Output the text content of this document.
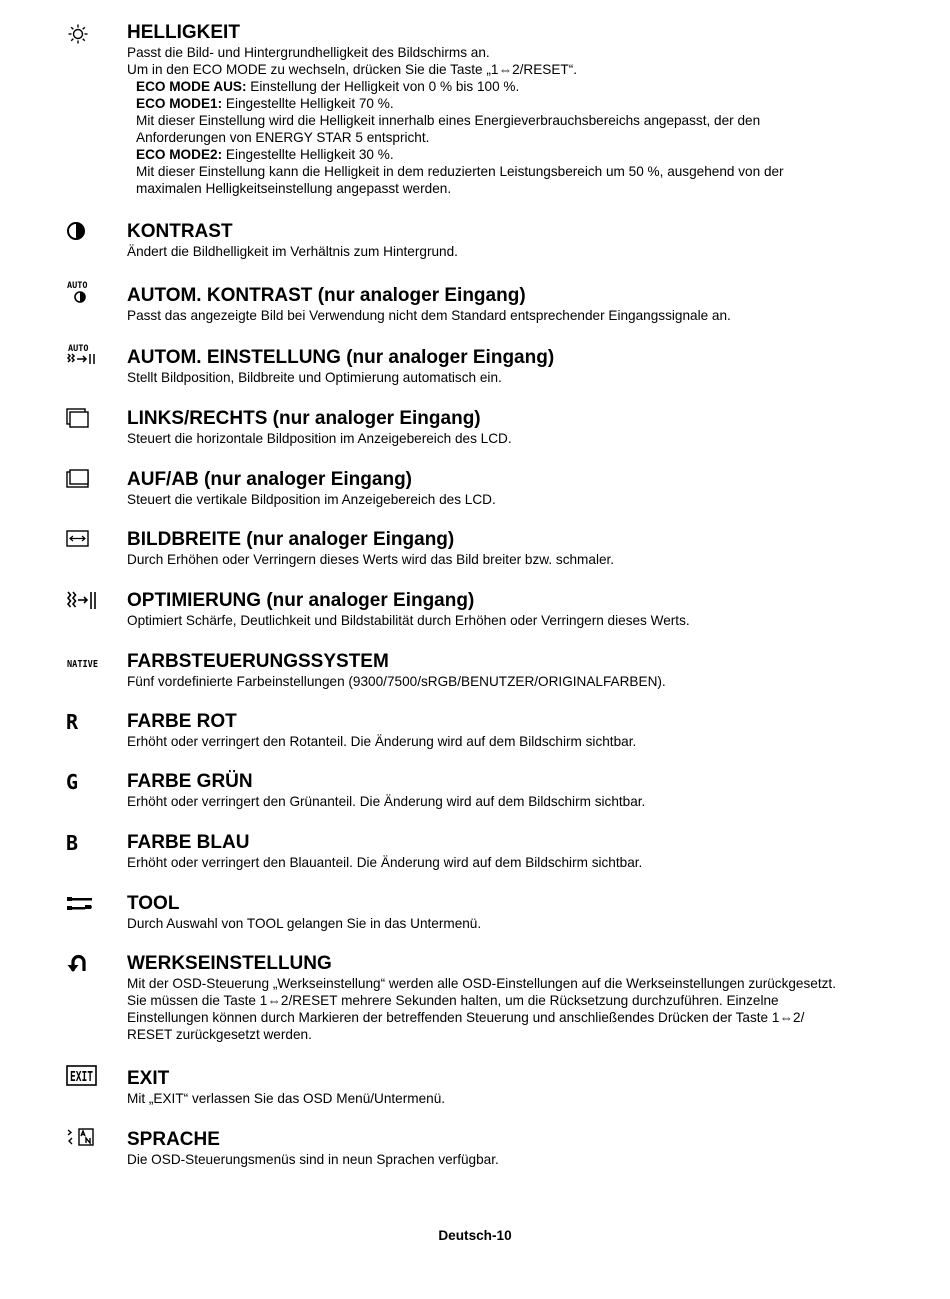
HELLIGKEIT

Passt die Bild- und Hintergrundhelligkeit des Bildschirms an.

Um in den ECO MODE zu wechseln, drücken Sie die Taste „1⇔2/RESET“.

ECO MODE AUS: Einstellung der Helligkeit von 0 % bis 100 %.

ECO MODE1: Eingestellte Helligkeit 70 %.

Mit dieser Einstellung wird die Helligkeit innerhalb eines Energieverbrauchsbereichs angepasst, der den

Anforderungen von ENERGY STAR 5 entspricht.

ECO MODE2: Eingestellte Helligkeit 30 %.

Mit dieser Einstellung kann die Helligkeit in dem reduzierten Leistungsbereich um 50 %, ausgehend von der

maximalen Helligkeitseinstellung angepasst werden.

KONTRAST

Ändert die Bildhelligkeit im Verhältnis zum Hintergrund.

AUTO AUTOM. KONTRAST (nur analoger Eingang)

Passt das angezeigte Bild bei Verwendung nicht dem Standard entsprechender Eingangssignale an.

AUTO AUTOM. EINSTELLUNG (nur analoger Eingang)

Stellt Bildposition, Bildbreite und Optimierung automatisch ein.

LINKS/RECHTS (nur analoger Eingang)

Steuert die horizontale Bildposition im Anzeigebereich des LCD.

AUF/AB (nur analoger Eingang)

Steuert die vertikale Bildposition im Anzeigebereich des LCD.

BILDBREITE (nur analoger Eingang)

Durch Erhöhen oder Verringern dieses Werts wird das Bild breiter bzw. schmaler.

OPTIMIERUNG (nur analoger Eingang)

Optimiert Schärfe, Deutlichkeit und Bildstabilität durch Erhöhen oder Verringern dieses Werts.

NATIVE FARBSTEUERUNGSSYSTEM

Fünf vordefinierte Farbeinstellungen (9300/7500/sRGB/BENUTZER/ORIGINALFARBEN).

R	FARBE ROT

Erhöht oder verringert den Rotanteil. Die Änderung wird auf dem Bildschirm sichtbar.

G	FARBE GRÜN

Erhöht oder verringert den Grünanteil. Die Änderung wird auf dem Bildschirm sichtbar.

B	FARBE BLAU

Erhöht oder verringert den Blauanteil. Die Änderung wird auf dem Bildschirm sichtbar.

TOOL

Durch Auswahl von TOOL gelangen Sie in das Untermenü.

WERKSEINSTELLUNG

Mit der OSD-Steuerung „Werkseinstellung“ werden alle OSD-Einstellungen auf die Werkseinstellungen zurückgesetzt.

Sie müssen die Taste 1⇔2/RESET mehrere Sekunden halten, um die Rücksetzung durchzuführen. Einzelne

Einstellungen können durch Markieren der betreffenden Steuerung und anschließendes Drücken der Taste 1⇔2/

RESET zurückgesetzt werden.

EXIT EXIT

Mit „EXIT“ verlassen Sie das OSD Menü/Untermenü.

SPRACHE

Die OSD-Steuerungsmenüs sind in neun Sprachen verfügbar.

Deutsch-10
